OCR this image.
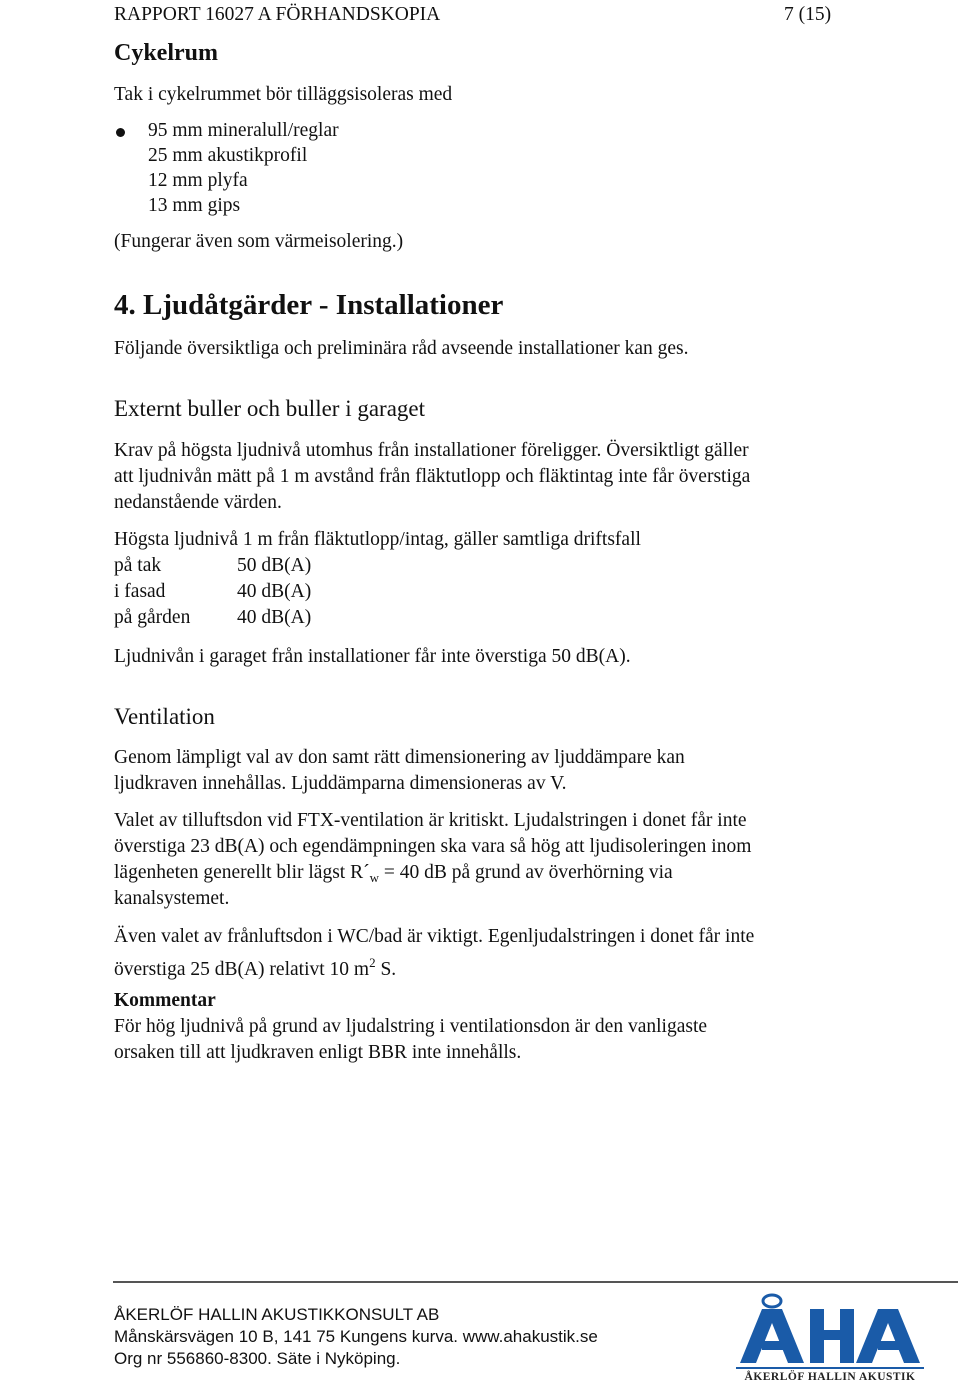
RAPPORT 16027 A FÖRHANDSKOPIA	7 (15)
Cykelrum
Tak i cykelrummet bör tilläggsisoleras med
95 mm mineralull/reglar
25 mm akustikprofil
12 mm plyfa
13 mm gips
(Fungerar även som värmeisolering.)
4. Ljudåtgärder - Installationer
Följande översiktliga och preliminära råd avseende installationer kan ges.
Externt buller och buller i garaget
Krav på högsta ljudnivå utomhus från installationer föreligger. Översiktligt gäller
att ljudnivån mätt på 1 m avstånd från fläktutlopp och fläktintag inte får överstiga
nedanstående värden.
Högsta ljudnivå 1 m från fläktutlopp/intag, gäller samtliga driftsfall
på tak	50 dB(A)
i fasad	40 dB(A)
på gården 40 dB(A)
Ljudnivån i garaget från installationer får inte överstiga 50 dB(A).
Ventilation
Genom lämpligt val av don samt rätt dimensionering av ljuddämpare kan
ljudkraven innehållas. Ljuddämparna dimensioneras av V.
Valet av tilluftsdon vid FTX-ventilation är kritiskt. Ljudalstringen i donet får inte
överstiga 23 dB(A) och egendämpningen ska vara så hög att ljudisoleringen inom
lägenheten generellt blir lägst $R´_w = 40$ dB på grund av överhörning via
kanalsystemet.
Även valet av frånluftsdon i WC/bad är viktigt. Egenljudalstringen i donet får inte
överstiga 25 dB(A) relativt 10 $m^2$ S.
Kommentar
För hög ljudnivå på grund av ljudalstring i ventilationsdon är den vanligaste
orsaken till att ljudkraven enligt BBR inte innehålls.
ÅKERLÖF HALLIN AKUSTIKKONSULT AB
Månskärsvägen 10 B, 141 75 Kungens kurva. www.ahakustik.se
Org nr 556860-8300. Säte i Nyköping.
ÅKERLÖF HALLIN AKUSTIK
